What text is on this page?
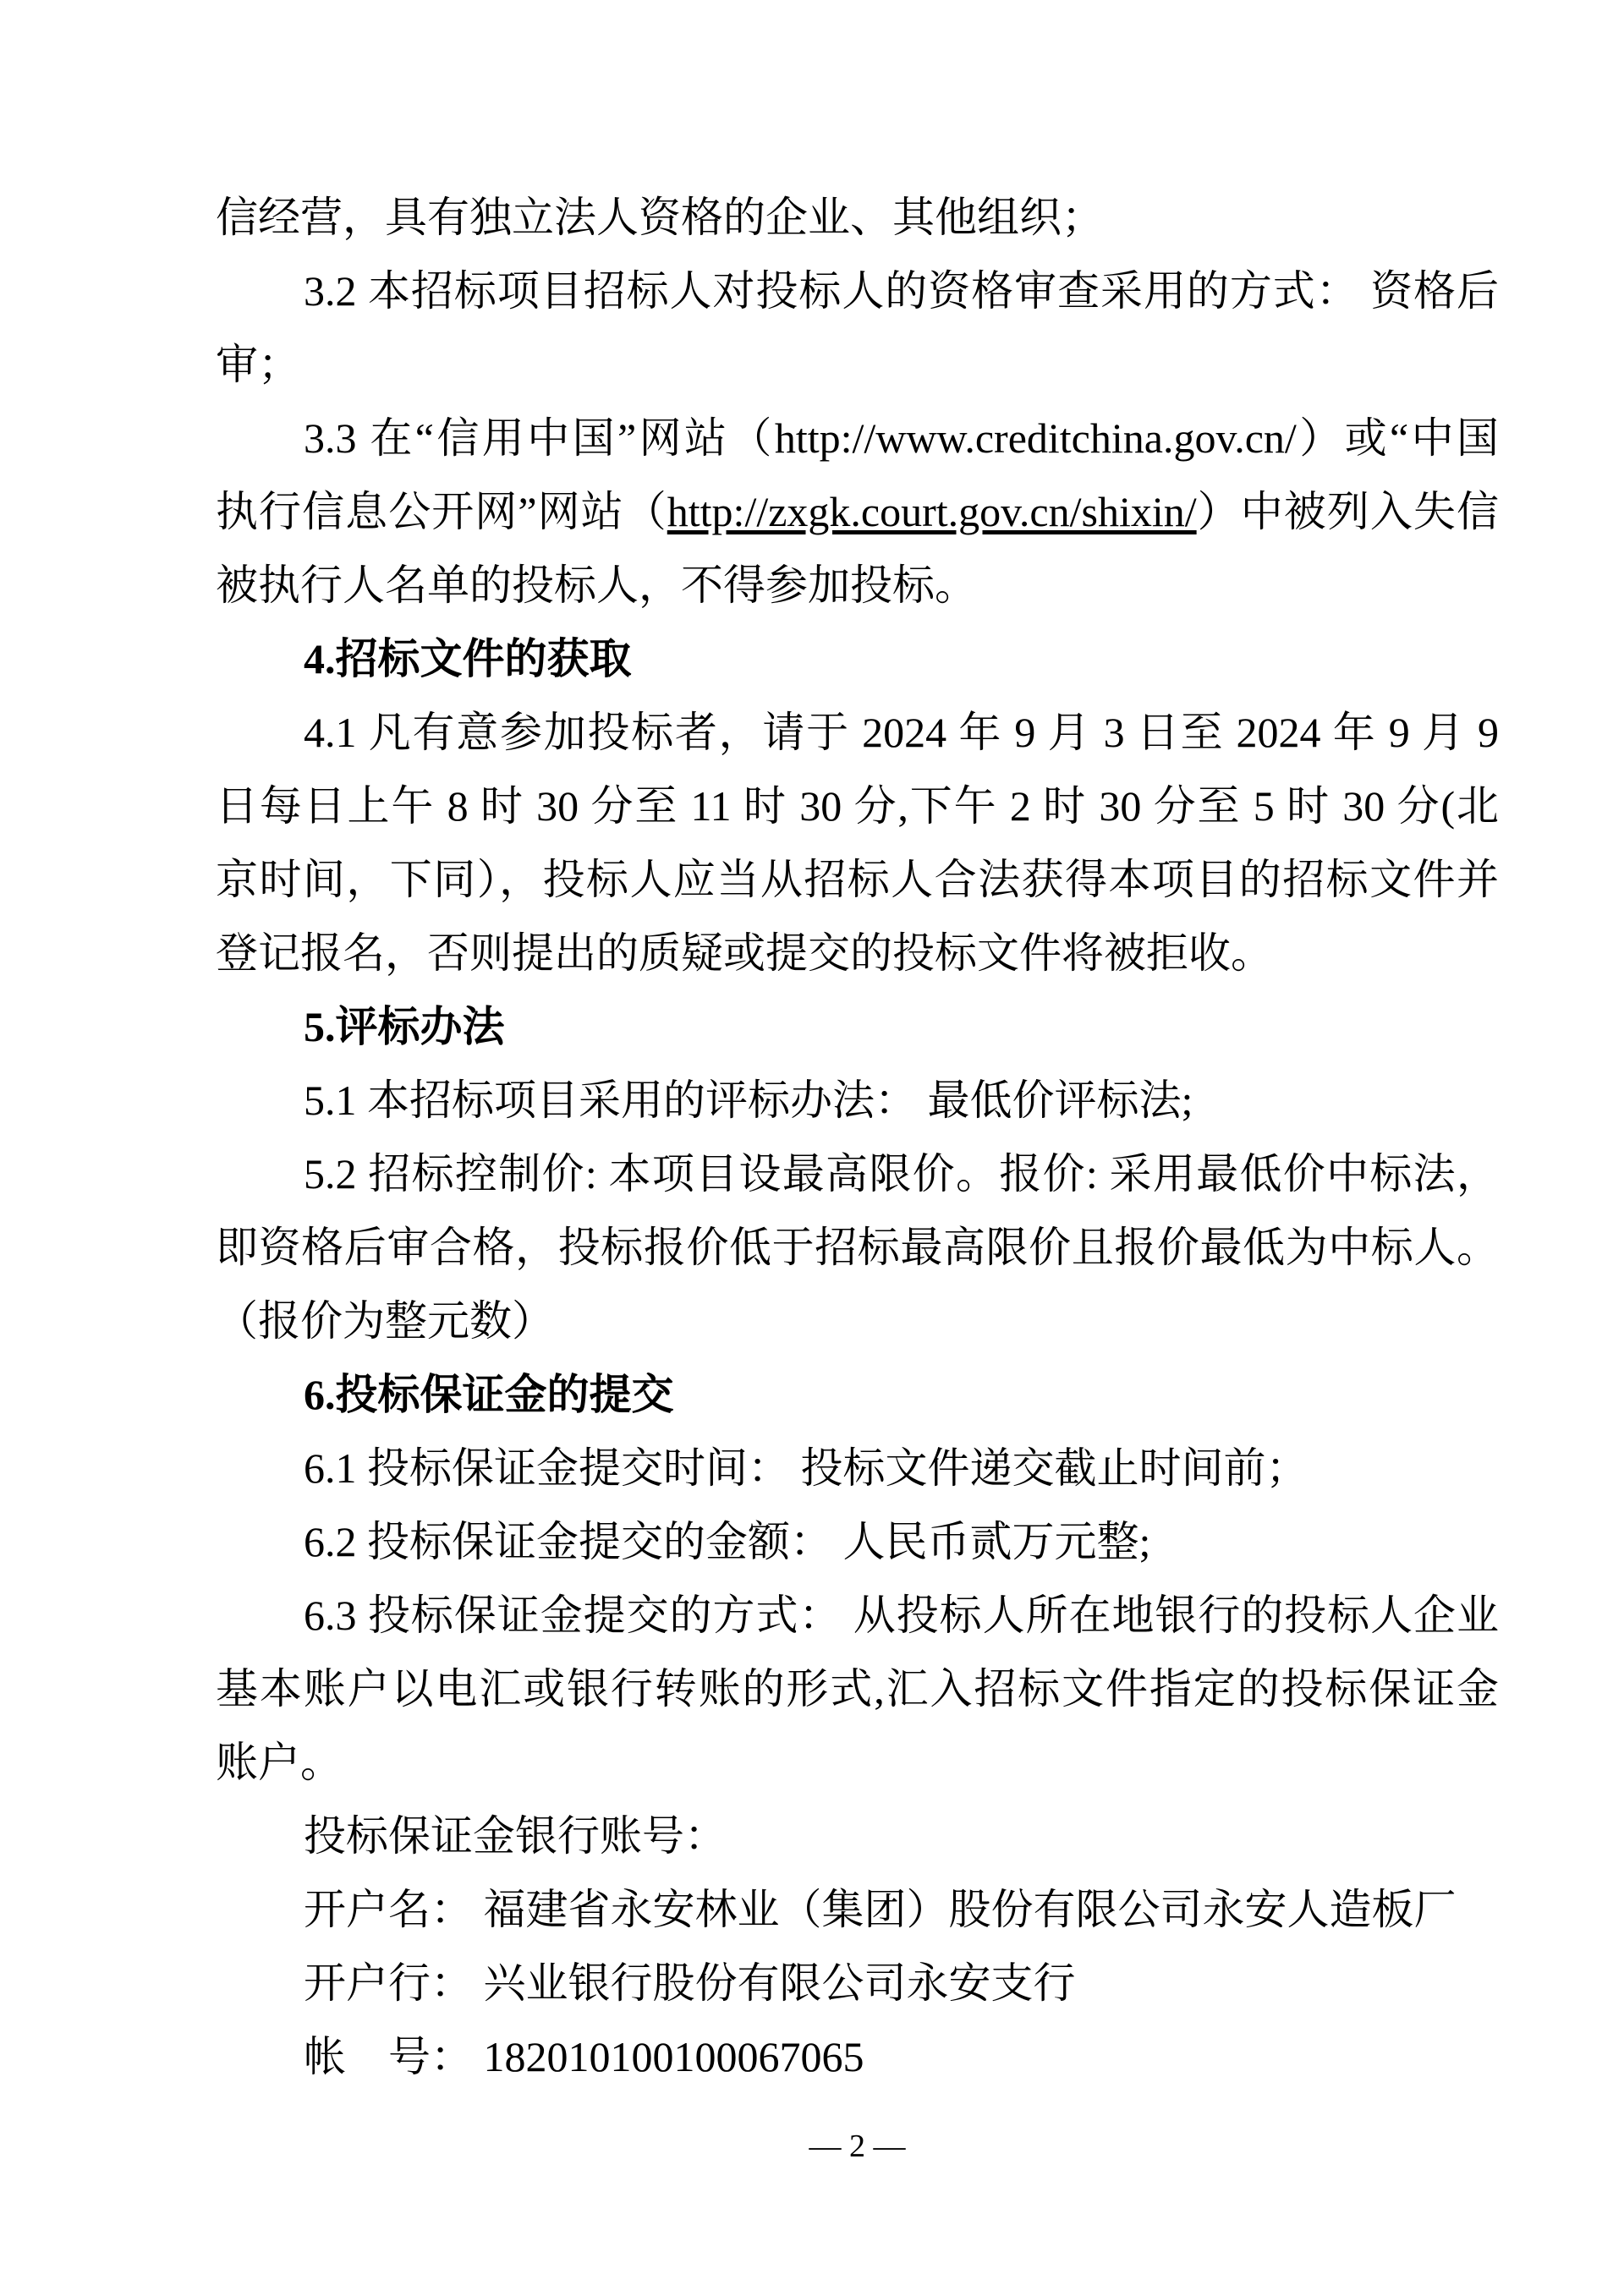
信经营，具有独立法人资格的企业、其他组织；
3.2 本招标项目招标人对投标人的资格审查采用的方式： 资格后
审；
3.3 在“信用中国”网站（http://www.creditchina.gov.cn/）或“中国
执行信息公开网”网站（http://zxgk.court.gov.cn/shixin/）中被列入失信
被执行人名单的投标人，不得参加投标。
4.招标文件的获取
4.1 凡有意参加投标者，请于 2024 年 9 月 3 日至 2024 年 9 月 9
日每日上午 8 时 30 分至 11 时 30 分,下午 2 时 30 分至 5 时 30 分(北
京时间，下同），投标人应当从招标人合法获得本项目的招标文件并
登记报名，否则提出的质疑或提交的投标文件将被拒收。
5.评标办法
5.1 本招标项目采用的评标办法： 最低价评标法;
5.2 招标控制价: 本项目设最高限价。报价: 采用最低价中标法，
即资格后审合格，投标报价低于招标最高限价且报价最低为中标人。
（报价为整元数）
6.投标保证金的提交
6.1 投标保证金提交时间： 投标文件递交截止时间前；
6.2 投标保证金提交的金额： 人民币贰万元整;
6.3 投标保证金提交的方式： 从投标人所在地银行的投标人企业
基本账户以电汇或银行转账的形式,汇入招标文件指定的投标保证金
账户。
投标保证金银行账号：
开户名： 福建省永安林业（集团）股份有限公司永安人造板厂
开户行： 兴业银行股份有限公司永安支行
帐　号： 182010100100067065
— 2 —
